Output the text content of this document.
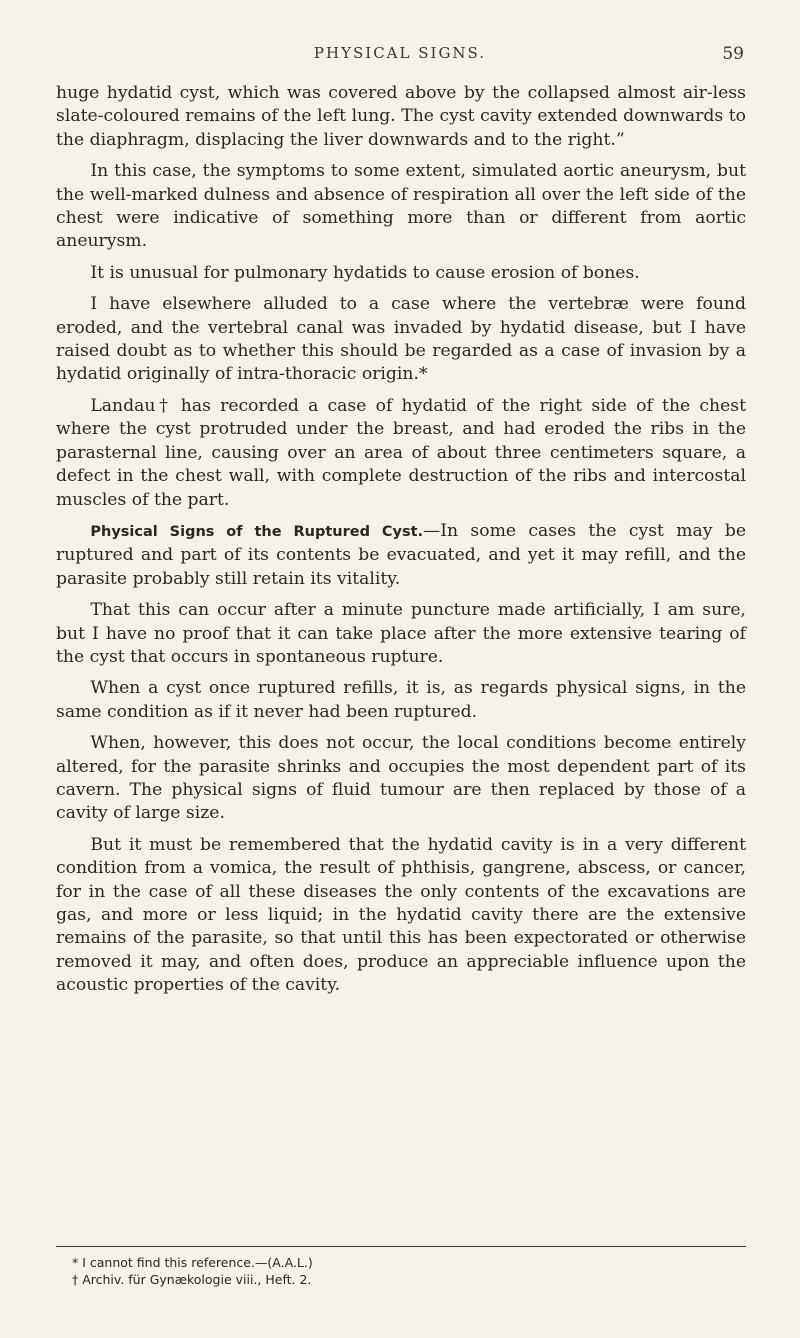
PHYSICAL SIGNS.	59

huge hydatid cyst, which was covered above by the collapsed almost air-less slate-coloured remains of the left lung. The cyst cavity extended downwards to the diaphragm, displacing the liver downwards and to the right.”

In this case, the symptoms to some extent, simulated aortic aneurysm, but the well-marked dulness and absence of respiration all over the left side of the chest were indicative of something more than or different from aortic aneurysm.

It is unusual for pulmonary hydatids to cause erosion of bones.

I have elsewhere alluded to a case where the vertebræ were found eroded, and the vertebral canal was invaded by hydatid disease, but I have raised doubt as to whether this should be regarded as a case of invasion by a hydatid originally of intra-thoracic origin.*

Landau† has recorded a case of hydatid of the right side of the chest where the cyst protruded under the breast, and had eroded the ribs in the parasternal line, causing over an area of about three centimeters square, a defect in the chest wall, with complete destruction of the ribs and intercostal muscles of the part.

Physical Signs of the Ruptured Cyst.—In some cases the cyst may be ruptured and part of its contents be evacuated, and yet it may refill, and the parasite probably still retain its vitality.

That this can occur after a minute puncture made artificially, I am sure, but I have no proof that it can take place after the more extensive tearing of the cyst that occurs in spontaneous rupture.

When a cyst once ruptured refills, it is, as regards physical signs, in the same condition as if it never had been ruptured.

When, however, this does not occur, the local conditions become entirely altered, for the parasite shrinks and occupies the most dependent part of its cavern. The physical signs of fluid tumour are then replaced by those of a cavity of large size.

But it must be remembered that the hydatid cavity is in a very different condition from a vomica, the result of phthisis, gangrene, abscess, or cancer, for in the case of all these diseases the only contents of the excavations are gas, and more or less liquid; in the hydatid cavity there are the extensive remains of the parasite, so that until this has been expectorated or otherwise removed it may, and often does, produce an appreciable influence upon the acoustic properties of the cavity.

* I cannot find this reference.—(A.A.L.)
† Archiv. für Gynækologie viii., Heft. 2.
